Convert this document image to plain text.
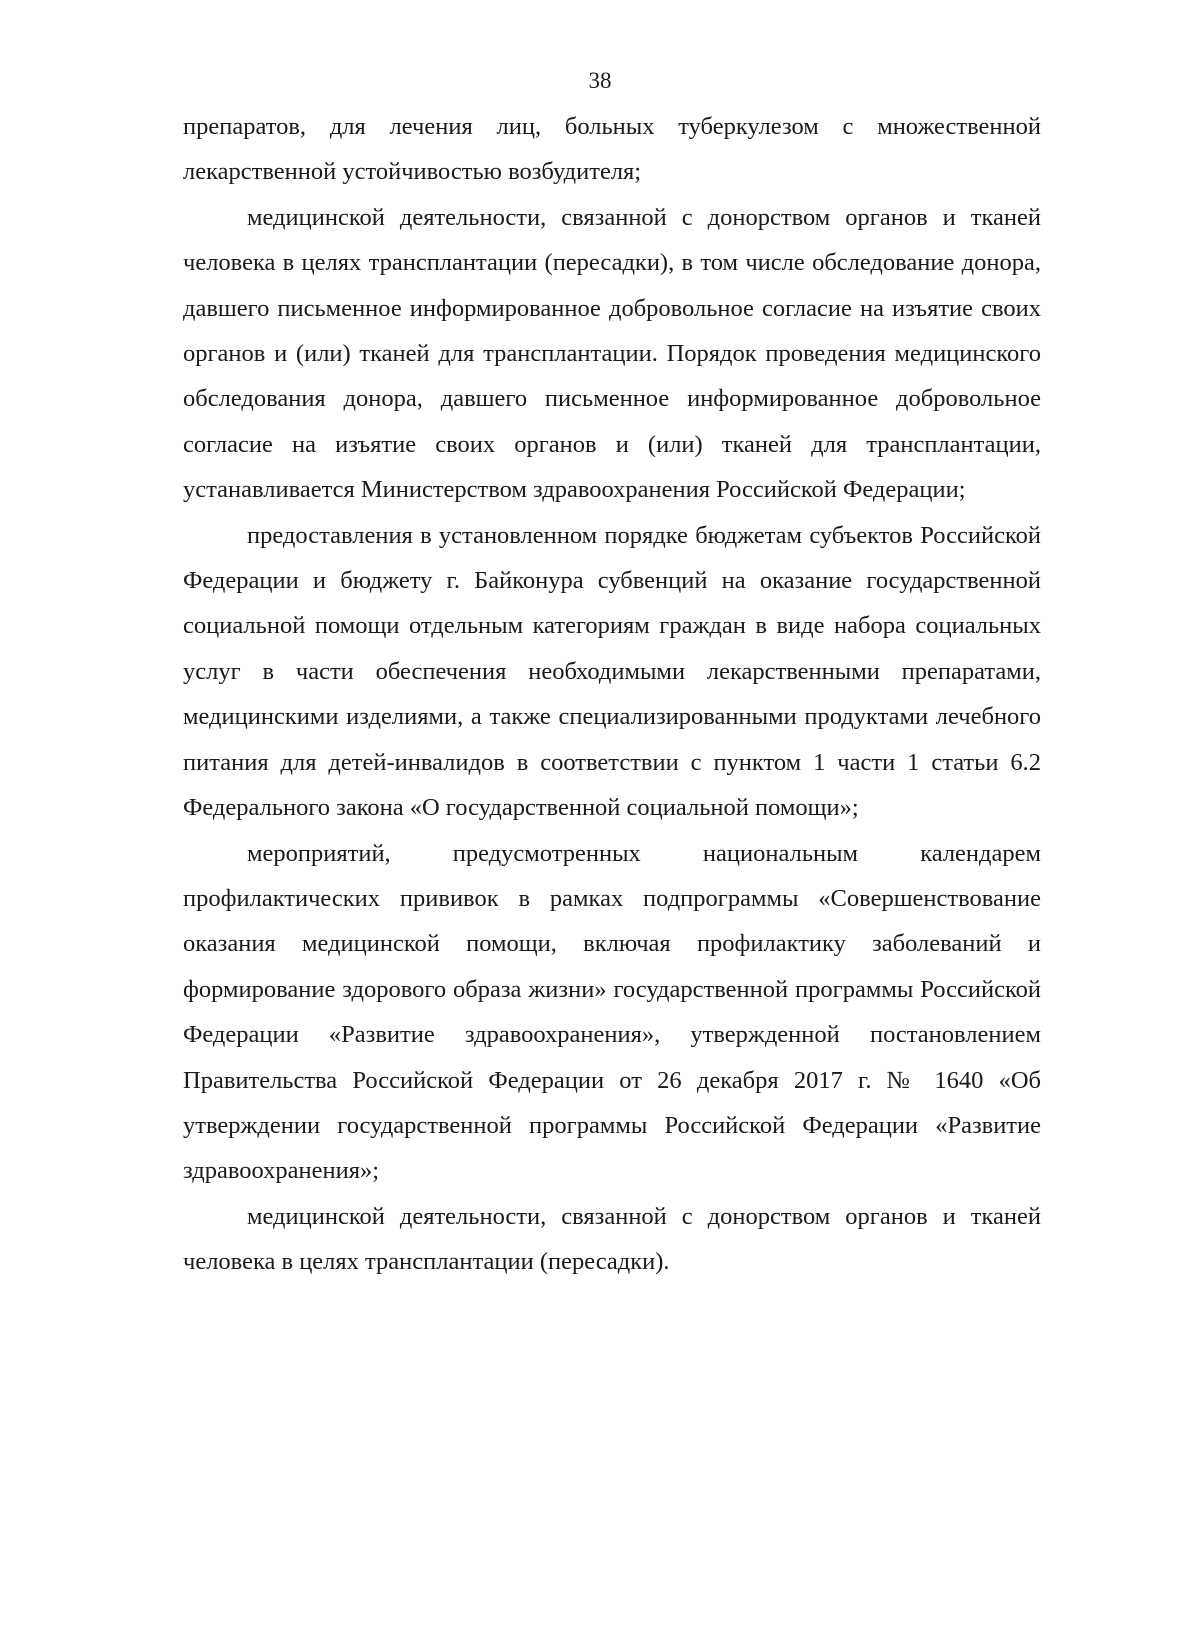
38

препаратов, для лечения лиц, больных туберкулезом с множественной лекарственной устойчивостью возбудителя;

медицинской деятельности, связанной с донорством органов и тканей человека в целях трансплантации (пересадки), в том числе обследование донора, давшего письменное информированное добровольное согласие на изъятие своих органов и (или) тканей для трансплантации. Порядок проведения медицинского обследования донора, давшего письменное информированное добровольное согласие на изъятие своих органов и (или) тканей для трансплантации, устанавливается Министерством здравоохранения Российской Федерации;

предоставления в установленном порядке бюджетам субъектов Российской Федерации и бюджету г. Байконура субвенций на оказание государственной социальной помощи отдельным категориям граждан в виде набора социальных услуг в части обеспечения необходимыми лекарственными препаратами, медицинскими изделиями, а также специализированными продуктами лечебного питания для детей-инвалидов в соответствии с пунктом 1 части 1 статьи 6.2 Федерального закона «О государственной социальной помощи»;

мероприятий, предусмотренных национальным календарем профилактических прививок в рамках подпрограммы «Совершенствование оказания медицинской помощи, включая профилактику заболеваний и формирование здорового образа жизни» государственной программы Российской Федерации «Развитие здравоохранения», утвержденной постановлением Правительства Российской Федерации от 26 декабря 2017 г. № 1640 «Об утверждении государственной программы Российской Федерации «Развитие здравоохранения»;

медицинской деятельности, связанной с донорством органов и тканей человека в целях трансплантации (пересадки).
